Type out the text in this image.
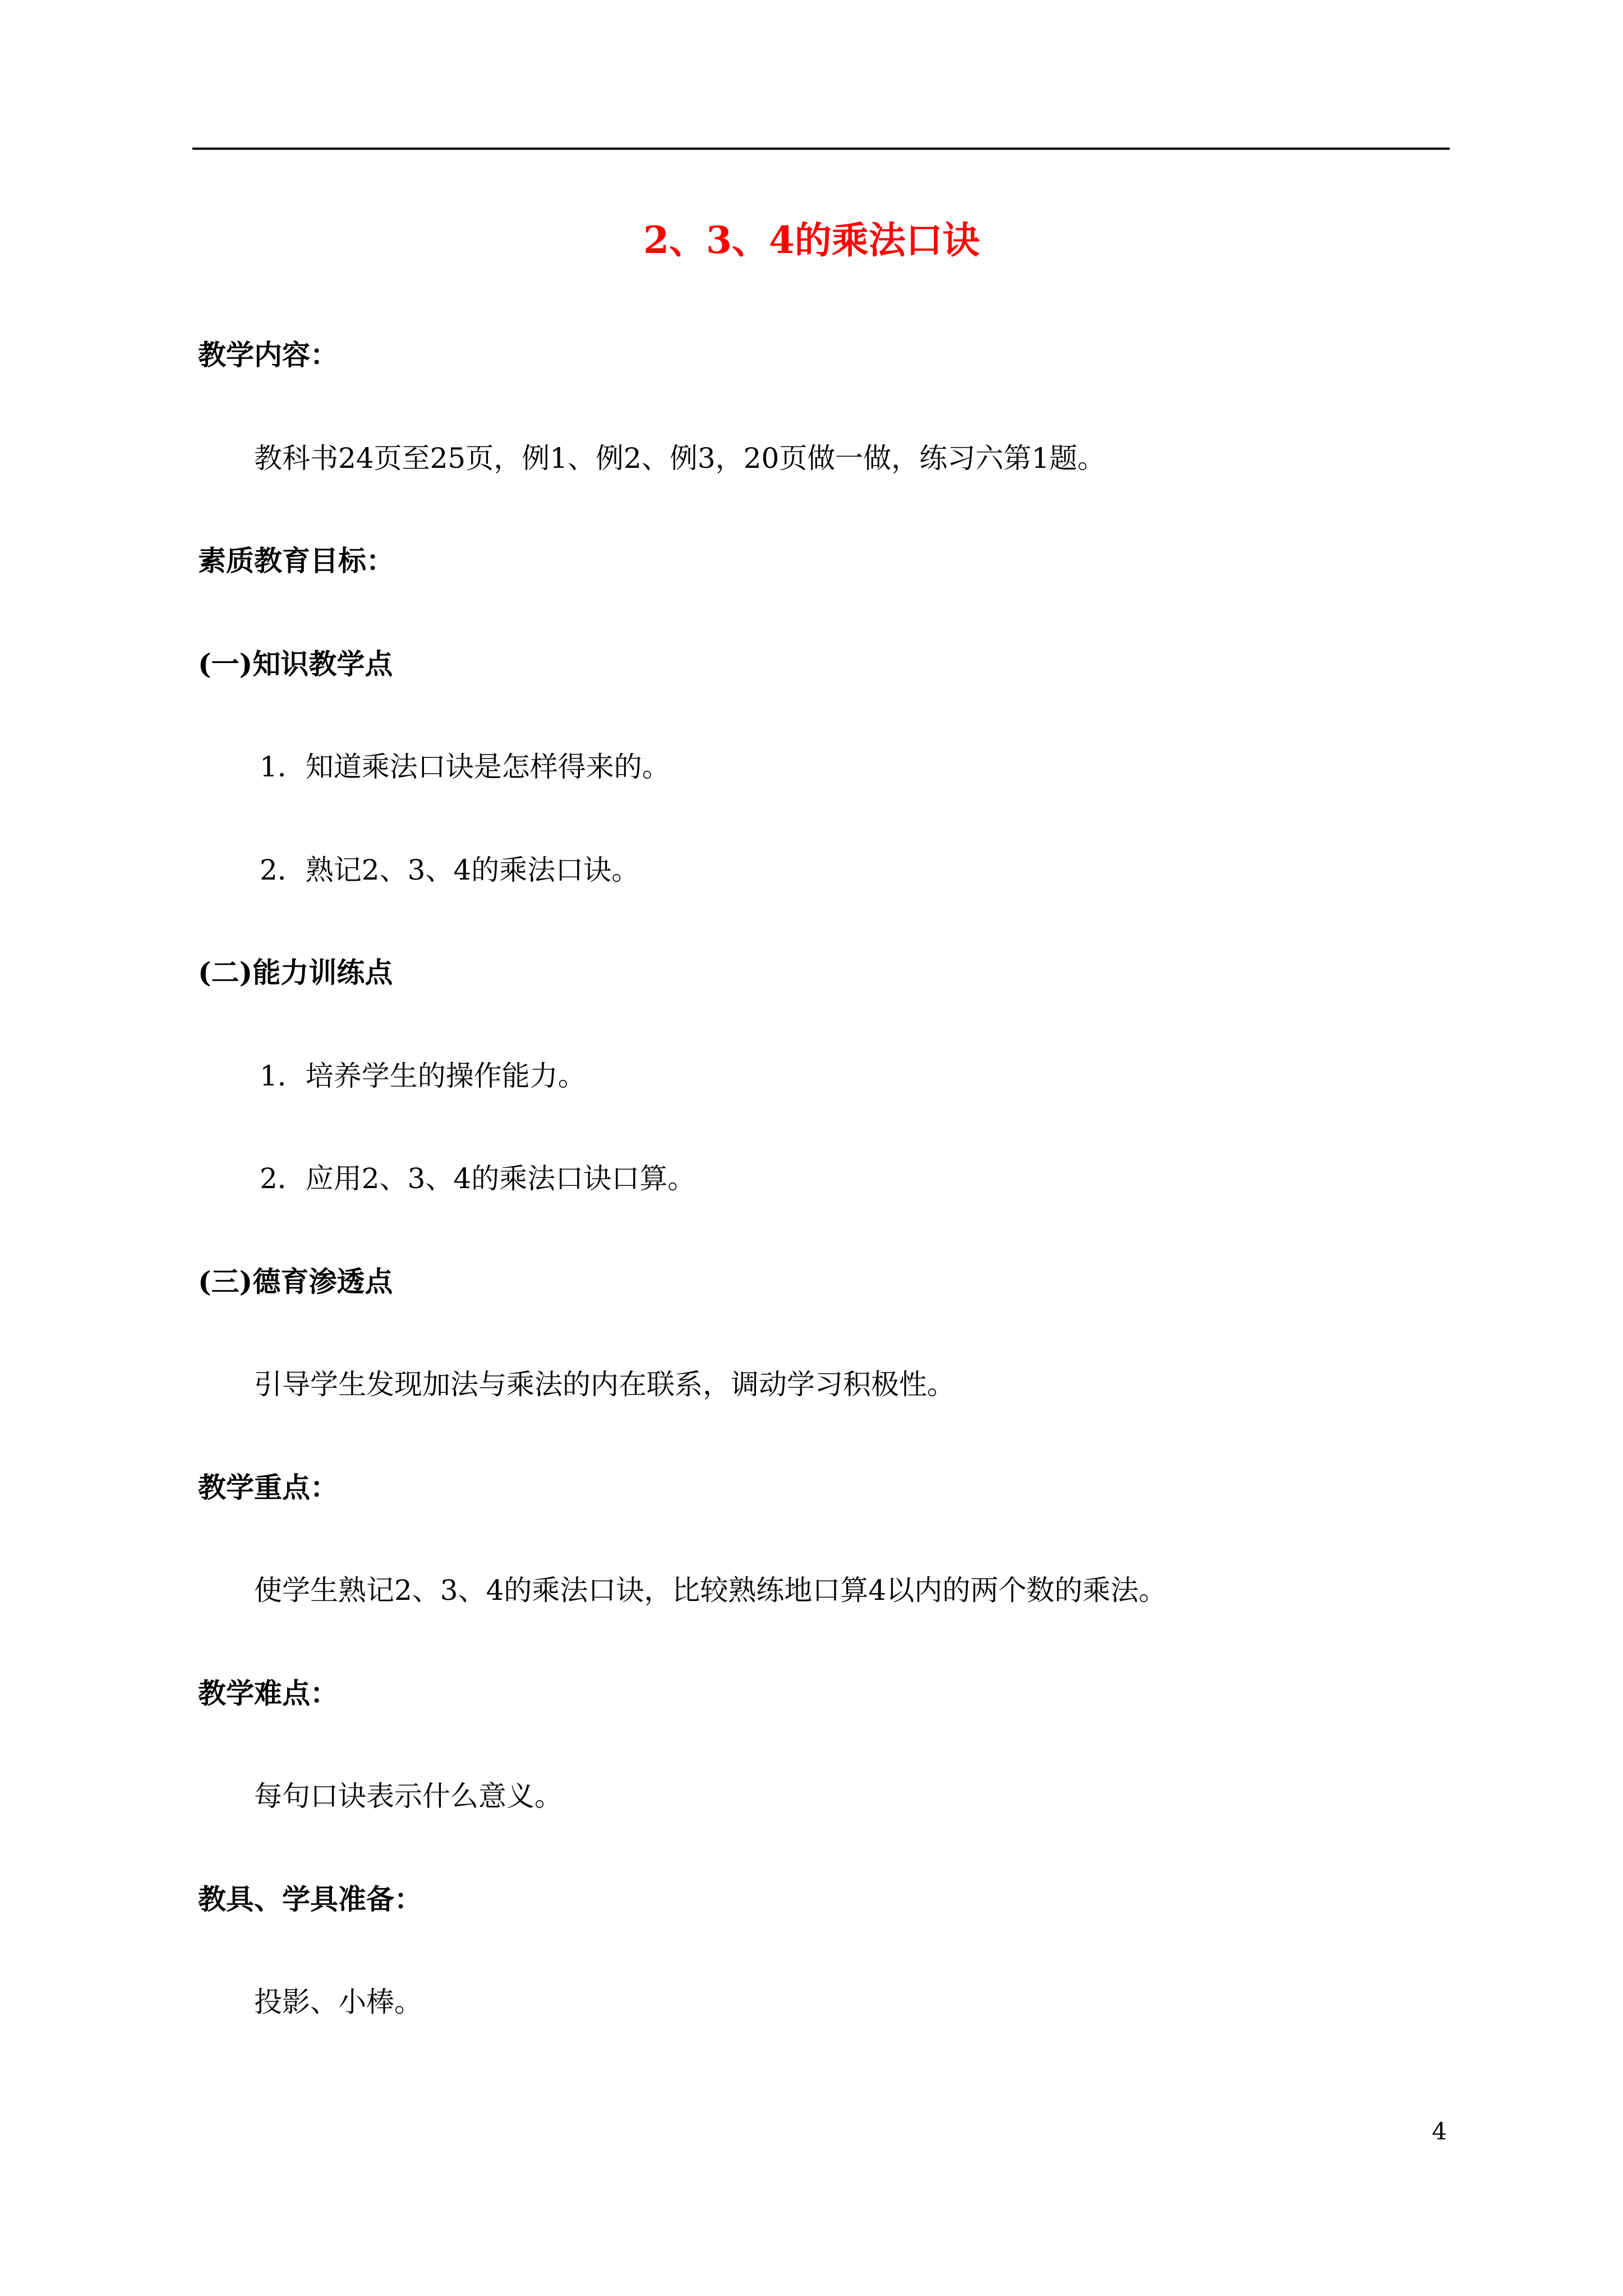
2、3、4的乘法口诀
教学内容：
教科书24页至25页，例1、例2、例3，20页做一做，练习六第1题。
素质教育目标：
(一)知识教学点
1．知道乘法口诀是怎样得来的。
2．熟记2、3、4的乘法口诀。
(二)能力训练点
1．培养学生的操作能力。
2．应用2、3、4的乘法口诀口算。
(三)德育渗透点
引导学生发现加法与乘法的内在联系，调动学习积极性。
教学重点：
使学生熟记2、3、4的乘法口诀，比较熟练地口算4以内的两个数的乘法。
教学难点：
每句口诀表示什么意义。
教具、学具准备：
投影、小棒。
4
